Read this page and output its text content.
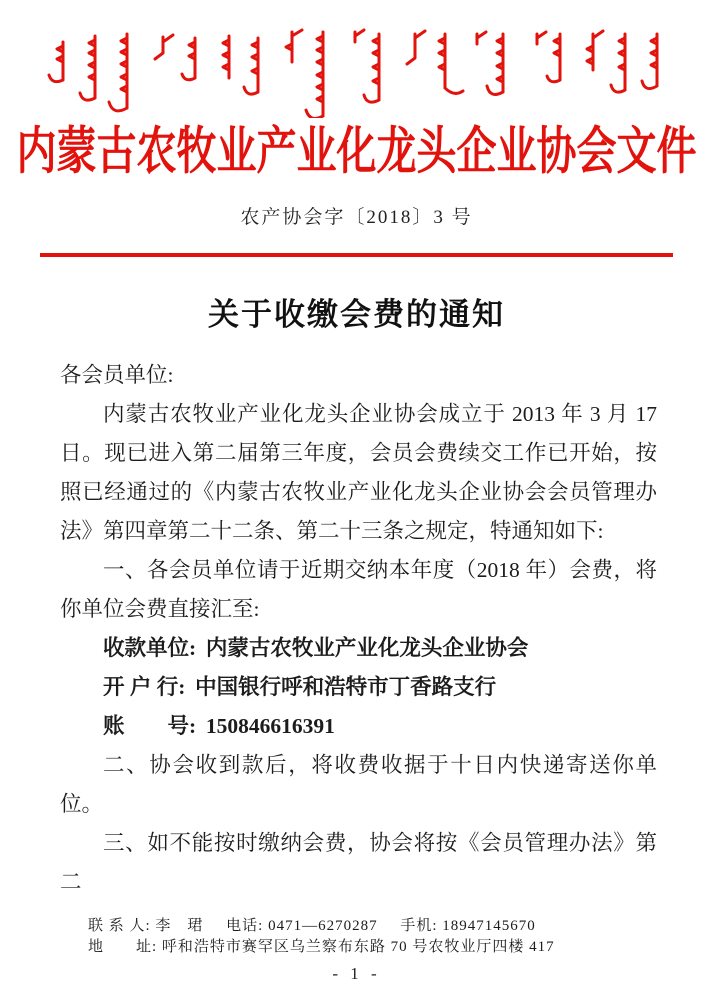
内蒙古农牧业产业化龙头企业协会文件
农产协会字〔2018〕3 号
关于收缴会费的通知

各会员单位:

内蒙古农牧业产业化龙头企业协会成立于 2013 年 3 月 17 日。现已进入第二届第三年度，会员会费续交工作已开始，按照已经通过的《内蒙古农牧业产业化龙头企业协会会员管理办法》第四章第二十二条、第二十三条之规定，特通知如下:

一、各会员单位请于近期交纳本年度（2018 年）会费，将你单位会费直接汇至:

收款单位: 内蒙古农牧业产业化龙头企业协会
开 户 行: 中国银行呼和浩特市丁香路支行
账　　号: 150846616391

二、协会收到款后，将收费收据于十日内快递寄送你单位。

三、如不能按时缴纳会费，协会将按《会员管理办法》第二

联 系 人: 李　珺 电话: 0471—6270287 手机: 18947145670
地　　址: 呼和浩特市赛罕区乌兰察布东路 70 号农牧业厅四楼 417
- 1 -
